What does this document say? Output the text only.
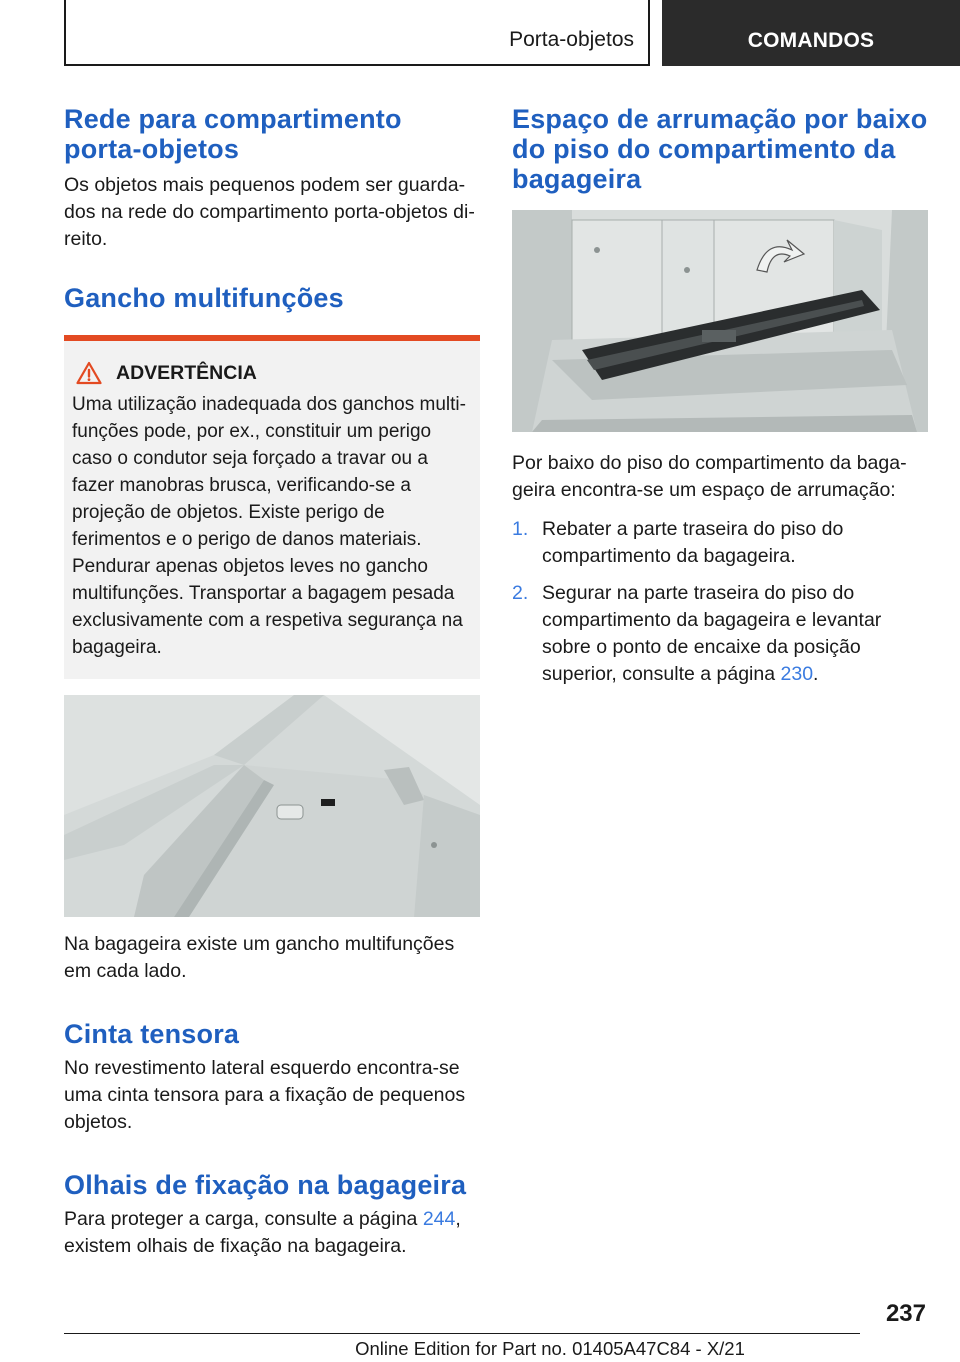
Porta-objetos	COMANDOS
Rede para compartimento porta-objetos

Os objetos mais pequenos podem ser guardados na rede do compartimento porta-objetos direito.

Gancho multifunções
ADVERTÊNCIA

Uma utilização inadequada dos ganchos multifunções pode, por ex., constituir um perigo caso o condutor seja forçado a travar ou a fazer manobras brusca, verificando-se a projeção de objetos. Existe perigo de ferimentos e o perigo de danos materiais. Pendurar apenas objetos leves no gancho multifunções. Transportar a bagagem pesada exclusivamente com a respetiva segurança na bagageira.

Na bagageira existe um gancho multifunções em cada lado.

Cinta tensora

No revestimento lateral esquerdo encontra-se uma cinta tensora para a fixação de pequenos objetos.

Olhais de fixação na bagageira

Para proteger a carga, consulte a página 244, existem olhais de fixação na bagageira.

Espaço de arrumação por baixo do piso do compartimento da bagageira

Por baixo do piso do compartimento da bagageira encontra-se um espaço de arrumação:

1. Rebater a parte traseira do piso do compartimento da bagageira.
2. Segurar na parte traseira do piso do compartimento da bagageira e levantar sobre o ponto de encaixe da posição superior, consulte a página 230.
237
Online Edition for Part no. 01405A47C84 - X/21
